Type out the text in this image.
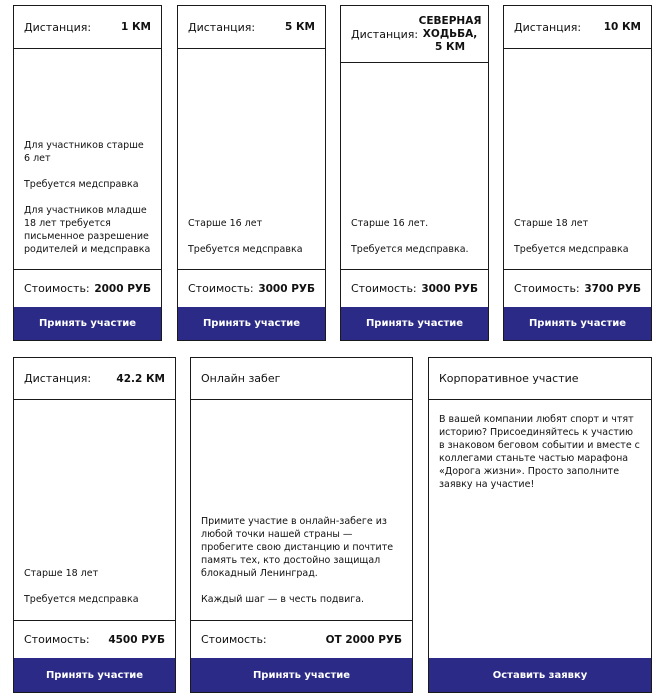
Дистанция:	1 КМ

Для участников старше 6 лет

Требуется медсправка

Для участников младше 18 лет требуется письменное разрешение родителей и медсправка

Стоимость: 2000 РУБ
Принять участие
Дистанция:	5 КМ

Старше 16 лет

Требуется медсправка

Стоимость: 3000 РУБ
Принять участие
Дистанция:
СЕВЕРНАЯ ХОДЬБА, 5 КМ

Старше 16 лет.

Требуется медсправка.

Стоимость: 3000 РУБ
Принять участие
Дистанция: 10 КМ

Старше 18 лет

Требуется медсправка

Стоимость: 3700 РУБ
Принять участие
Дистанция: 42.2 КМ

Старше 18 лет

Требуется медсправка

Стоимость: 4500 РУБ
Принять участие
Онлайн забег

Примите участие в онлайн-забеге из любой точки нашей страны — пробегите свою дистанцию и почтите память тех, кто достойно защищал блокадный Ленинград.

Каждый шаг — в честь подвига.

Стоимость:	ОТ 2000 РУБ
Принять участие
Корпоративное участие

В вашей компании любят спорт и чтят историю? Присоединяйтесь к участию в знаковом беговом событии и вместе с коллегами станьте частью марафона «Дорога жизни». Просто заполните заявку на участие!

Оставить заявку
